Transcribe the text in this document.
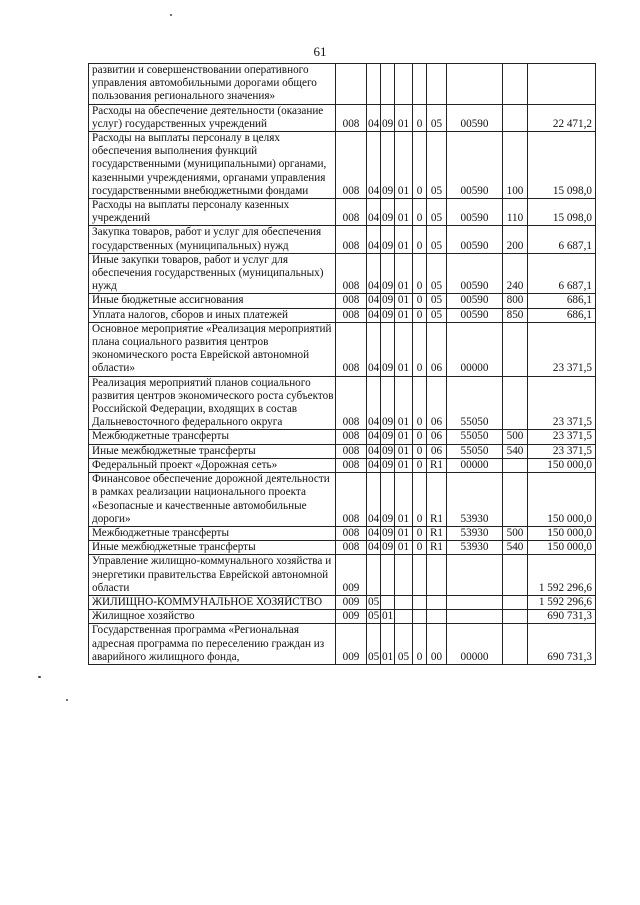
61
развитии и совершенствовании оперативного управления автомобильными дорогами общего пользования регионального значения»									
Расходы на обеспечение деятельности (оказание услуг) государственных учреждений	008	04	09	01	0	05	00590		22 471,2
Расходы на выплаты персоналу в целях обеспечения выполнения функций государственными (муниципальными) органами, казенными учреждениями, органами управления государственными внебюджетными фондами	008	04	09	01	0	05	00590	100	15 098,0
Расходы на выплаты персоналу казенных учреждений	008	04	09	01	0	05	00590	110	15 098,0
Закупка товаров, работ и услуг для обеспечения государственных (муниципальных) нужд	008	04	09	01	0	05	00590	200	6 687,1
Иные закупки товаров, работ и услуг для обеспечения государственных (муниципальных) нужд	008	04	09	01	0	05	00590	240	6 687,1
Иные бюджетные ассигнования	008	04	09	01	0	05	00590	800	686,1
Уплата налогов, сборов и иных платежей	008	04	09	01	0	05	00590	850	686,1
Основное мероприятие «Реализация мероприятий плана социального развития центров экономического роста Еврейской автономной области»	008	04	09	01	0	06	00000		23 371,5
Реализация мероприятий планов социального развития центров экономического роста субъектов Российской Федерации, входящих в состав Дальневосточного федерального округа	008	04	09	01	0	06	55050		23 371,5
Межбюджетные трансферты	008	04	09	01	0	06	55050	500	23 371,5
Иные межбюджетные трансферты	008	04	09	01	0	06	55050	540	23 371,5
Федеральный проект «Дорожная сеть»	008	04	09	01	0	R1	00000		150 000,0
Финансовое обеспечение дорожной деятельности в рамках реализации национального проекта «Безопасные и качественные автомобильные дороги»	008	04	09	01	0	R1	53930		150 000,0
Межбюджетные трансферты	008	04	09	01	0	R1	53930	500	150 000,0
Иные межбюджетные трансферты	008	04	09	01	0	R1	53930	540	150 000,0
Управление жилищно-коммунального хозяйства и энергетики правительства Еврейской автономной области	009								1 592 296,6
ЖИЛИЩНО-КОММУНАЛЬНОЕ ХОЗЯЙСТВО	009	05							1 592 296,6
Жилищное хозяйство	009	05	01						690 731,3
Государственная программа «Региональная адресная программа по переселению граждан из аварийного жилищного фонда,	009	05	01	05	0	00	00000		690 731,3
